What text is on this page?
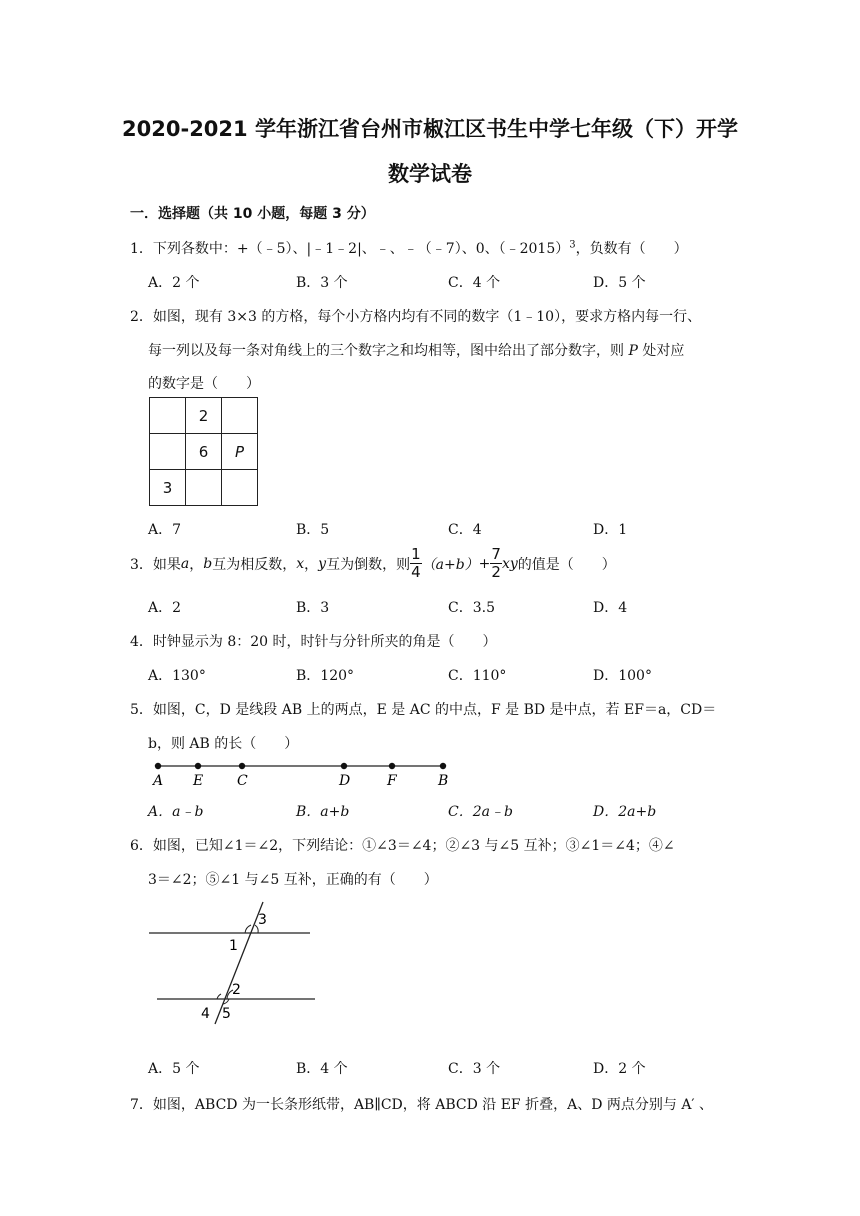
2020-2021 学年浙江省台州市椒江区书生中学七年级（下）开学
数学试卷
一．选择题（共 10 小题，每题 3 分）
1．下列各数中：+（﹣5）、|﹣1﹣2|、﹣、﹣（﹣7）、0、（﹣2015）$^3$，负数有（　　）
A．2 个	B．3 个	C．4 个	D．5 个
2．如图，现有 3×3 的方格，每个小方格内均有不同的数字（1﹣10），要求方格内每一行、
每一列以及每一条对角线上的三个数字之和均相等，图中给出了部分数字，则 P 处对应
的数字是（　　）
	2	
	6	P
3		
A．7	B．5	C．4	D．1
3．如果 a ， b 互为相反数， x ， y 互为倒数，则 $\frac{1}{4} (a+b) + \frac{7}{2}$ xy 的值是（　　）
A．2	B．3	C．3.5	D．4
4．时钟显示为 8：20 时，时针与分针所夹的角是（　　）
A．130°	B．120°	C．110°	D．100°
5．如图，C，D 是线段 AB 上的两点，E 是 AC 的中点，F 是 BD 是中点，若 EF＝a，CD＝
b，则 AB 的长（　　）
A E C	D	F	B
A．a﹣b	B．a+b	C．2a﹣b	D．2a+b
6．如图，已知∠1＝∠2，下列结论：①∠3＝∠4；②∠3 与∠5 互补；③∠1＝∠4；④∠
3＝∠2；⑤∠1 与∠5 互补，正确的有（　　）
1
2
3
4 5
A．5 个	B．4 个	C．3 个	D．2 个
7．如图，ABCD 为一长条形纸带，AB∥CD，将 ABCD 沿 EF 折叠，A、D 两点分别与 A′ 、
